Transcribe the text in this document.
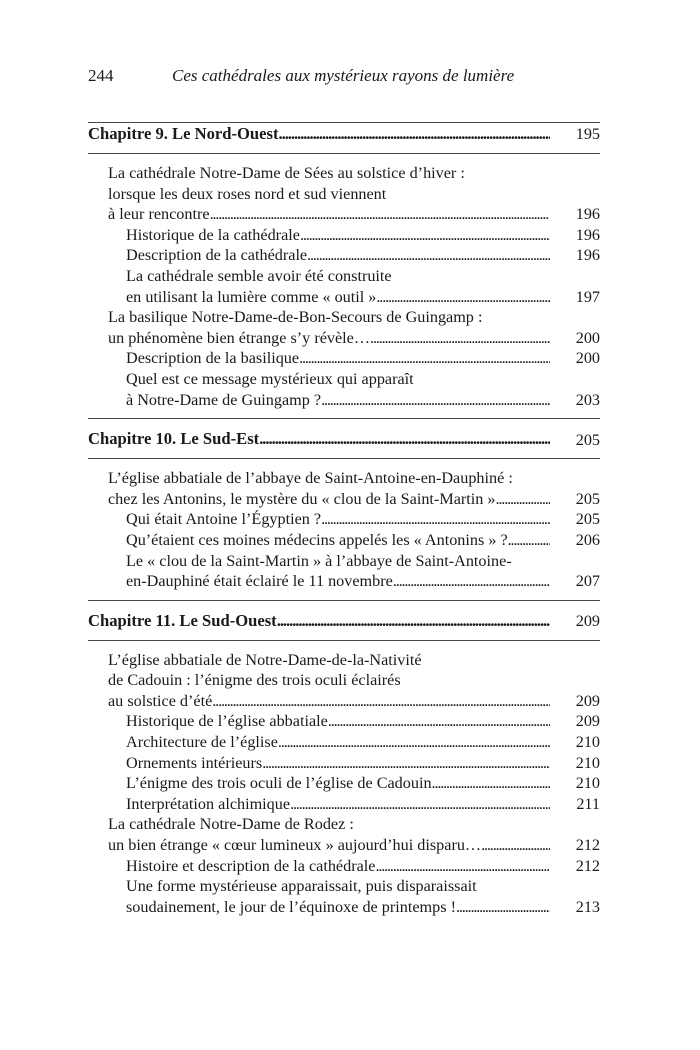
244	Ces cathédrales aux mystérieux rayons de lumière
Chapitre 9. Le Nord-Ouest . . .	195
La cathédrale Notre-Dame de Sées au solstice d’hiver :
lorsque les deux roses nord et sud viennent
à leur rencontre . . .	196
Historique de la cathédrale . . .	196
Description de la cathédrale . . .	196
La cathédrale semble avoir été construite
en utilisant la lumière comme « outil » . . .	197
La basilique Notre-Dame-de-Bon-Secours de Guingamp :
un phénomène bien étrange s’y révèle… . . .	200
Description de la basilique . . .	200
Quel est ce message mystérieux qui apparaît
à Notre-Dame de Guingamp ? . . .	203
Chapitre 10. Le Sud-Est . . .	205
L’église abbatiale de l’abbaye de Saint-Antoine-en-Dauphiné :
chez les Antonins, le mystère du « clou de la Saint-Martin » . . .	205
Qui était Antoine l’Égyptien ? . . .	205
Qu’étaient ces moines médecins appelés les « Antonins » ? . . .	206
Le « clou de la Saint-Martin » à l’abbaye de Saint-Antoine-
en-Dauphiné était éclairé le 11 novembre . . .	207
Chapitre 11. Le Sud-Ouest . . .	209
L’église abbatiale de Notre-Dame-de-la-Nativité
de Cadouin : l’énigme des trois oculi éclairés
au solstice d’été . . .	209
Historique de l’église abbatiale . . .	209
Architecture de l’église . . .	210
Ornements intérieurs . . .	210
L’énigme des trois oculi de l’église de Cadouin . . .	210
Interprétation alchimique . . .	211
La cathédrale Notre-Dame de Rodez :
un bien étrange « cœur lumineux » aujourd’hui disparu… . . .	212
Histoire et description de la cathédrale . . .	212
Une forme mystérieuse apparaissait, puis disparaissait
soudainement, le jour de l’équinoxe de printemps ! . . .	213
